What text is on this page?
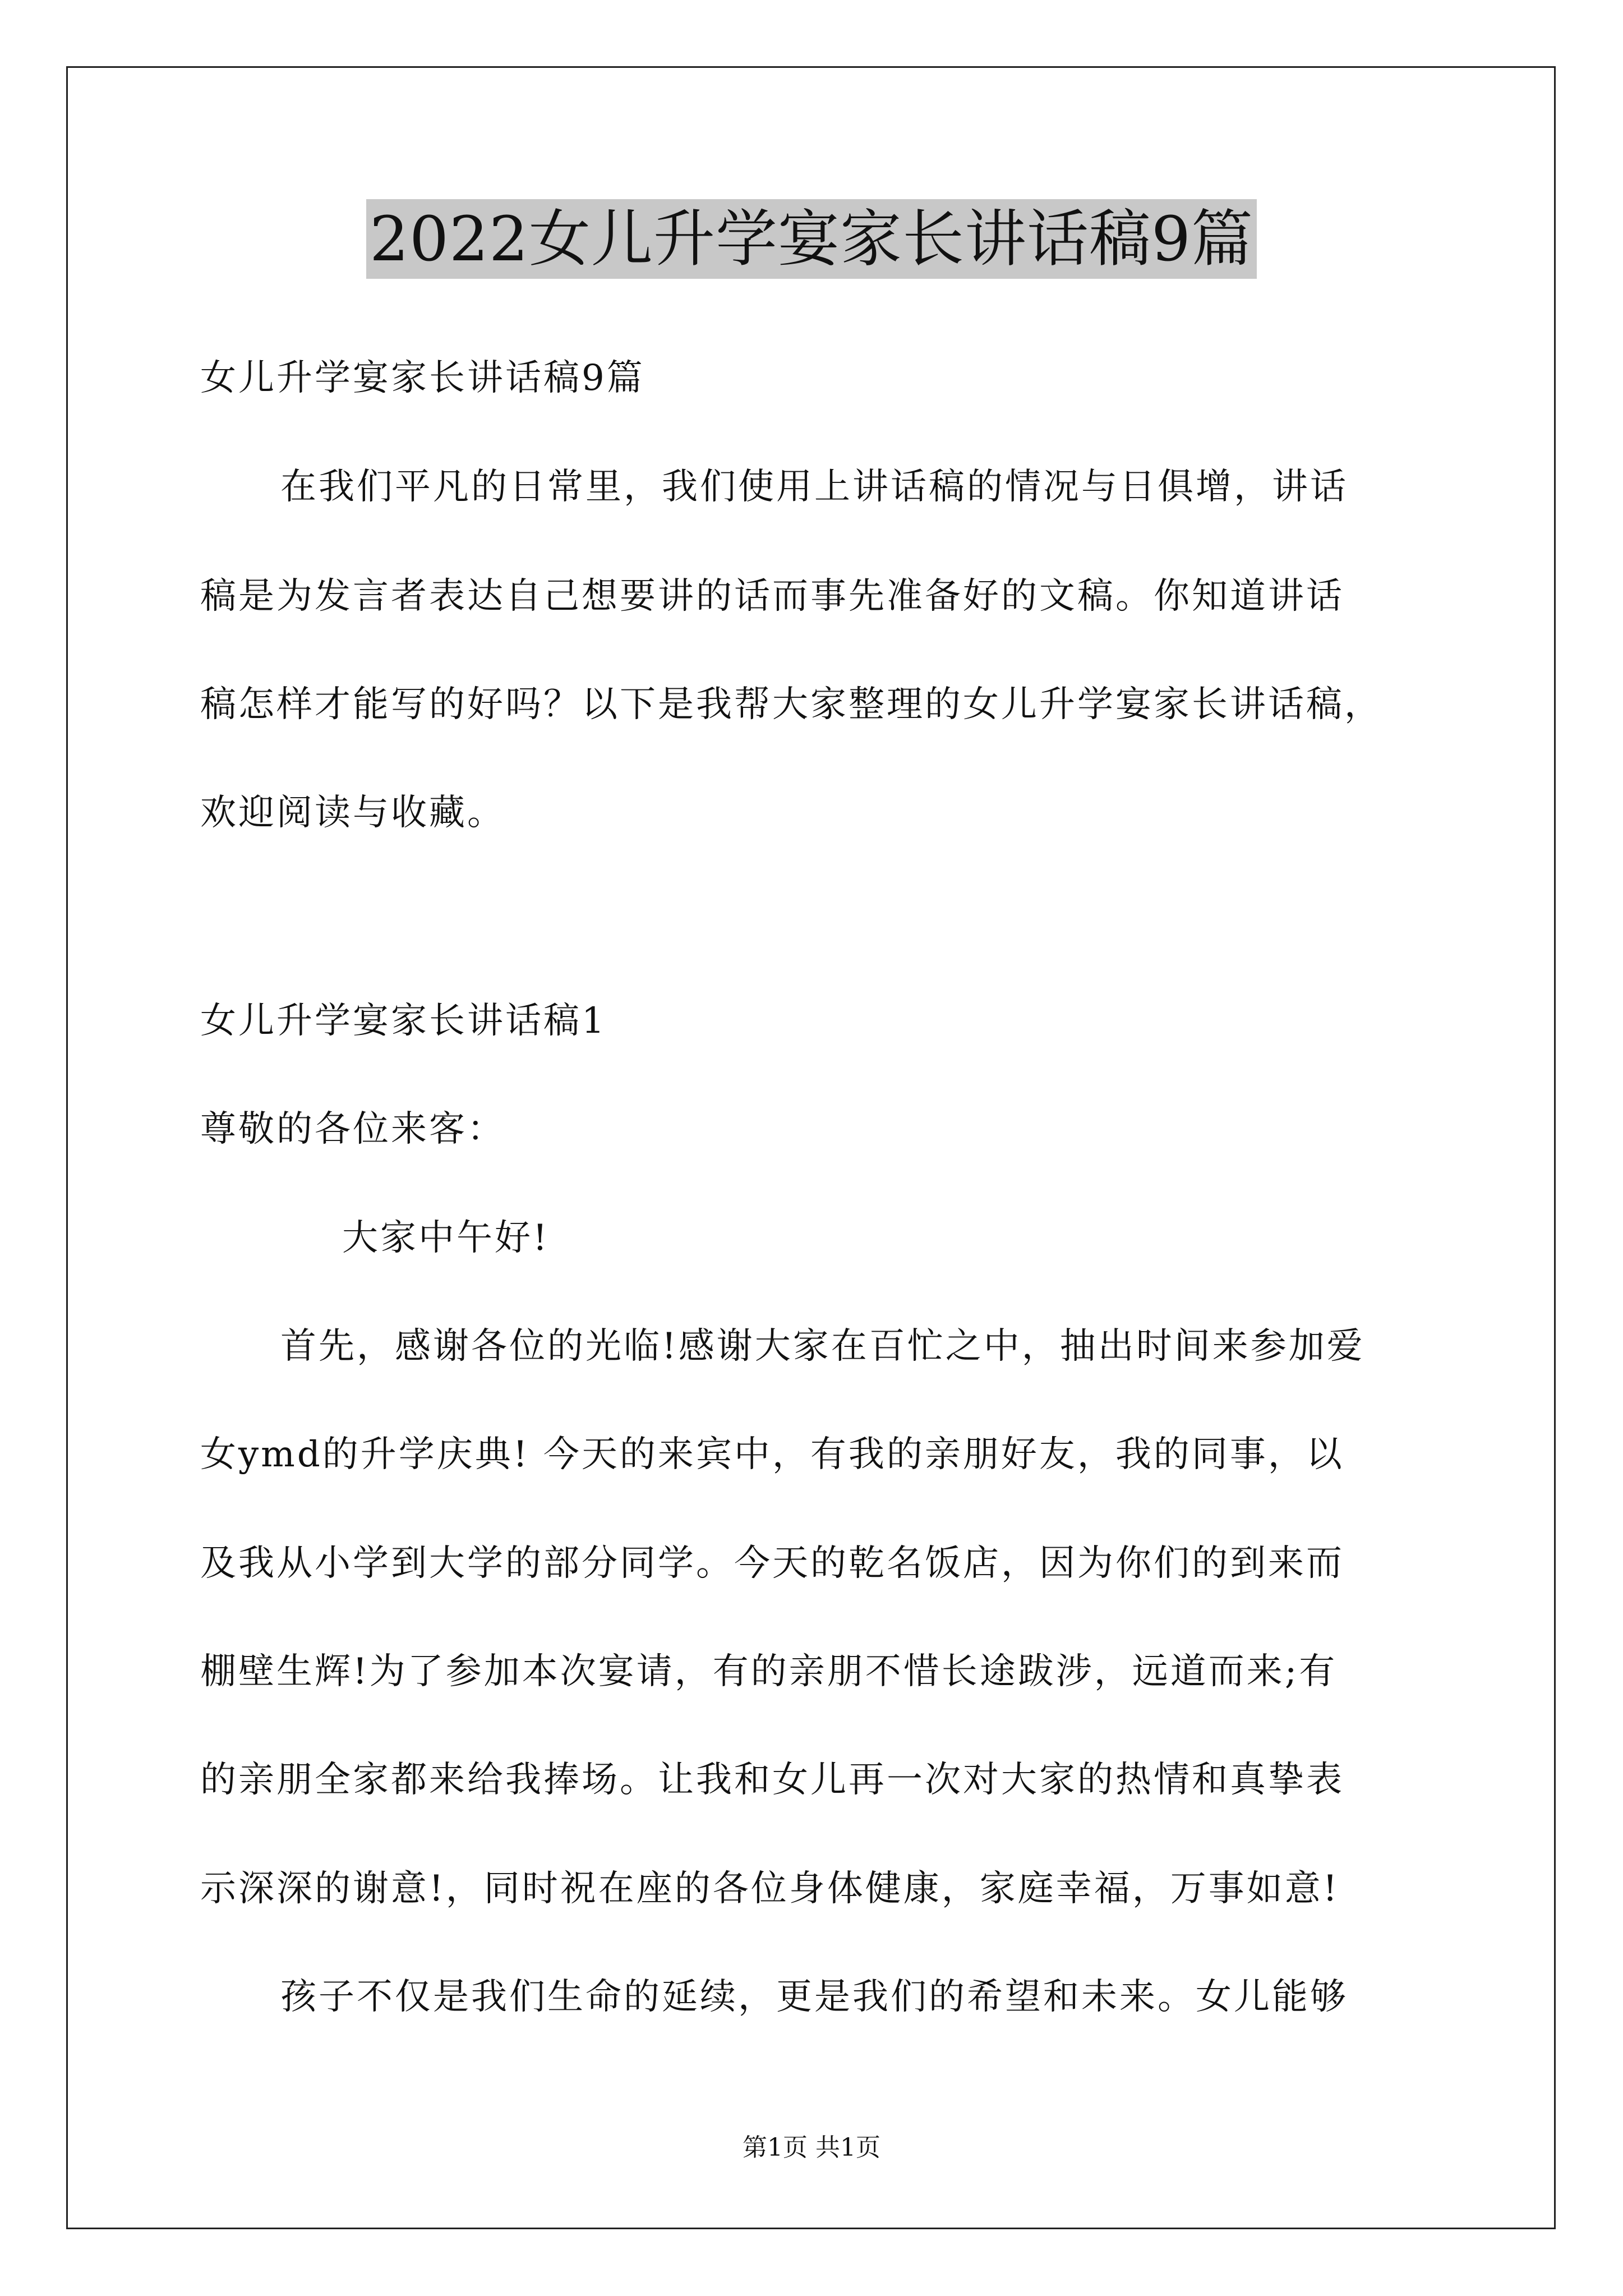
2022女儿升学宴家长讲话稿9篇
女儿升学宴家长讲话稿9篇
在我们平凡的日常里，我们使用上讲话稿的情况与日俱增，讲话
稿是为发言者表达自己想要讲的话而事先准备好的文稿。你知道讲话
稿怎样才能写的好吗？以下是我帮大家整理的女儿升学宴家长讲话稿，
欢迎阅读与收藏。
女儿升学宴家长讲话稿1
尊敬的各位来客：
大家中午好!
首先，感谢各位的光临!感谢大家在百忙之中，抽出时间来参加爱
女ymd的升学庆典! 今天的来宾中，有我的亲朋好友，我的同事，以
及我从小学到大学的部分同学。今天的乾名饭店，因为你们的到来而
棚壁生辉!为了参加本次宴请，有的亲朋不惜长途跋涉，远道而来;有
的亲朋全家都来给我捧场。让我和女儿再一次对大家的热情和真挚表
示深深的谢意!，同时祝在座的各位身体健康，家庭幸福，万事如意!
孩子不仅是我们生命的延续，更是我们的希望和未来。女儿能够
第1页 共1页
